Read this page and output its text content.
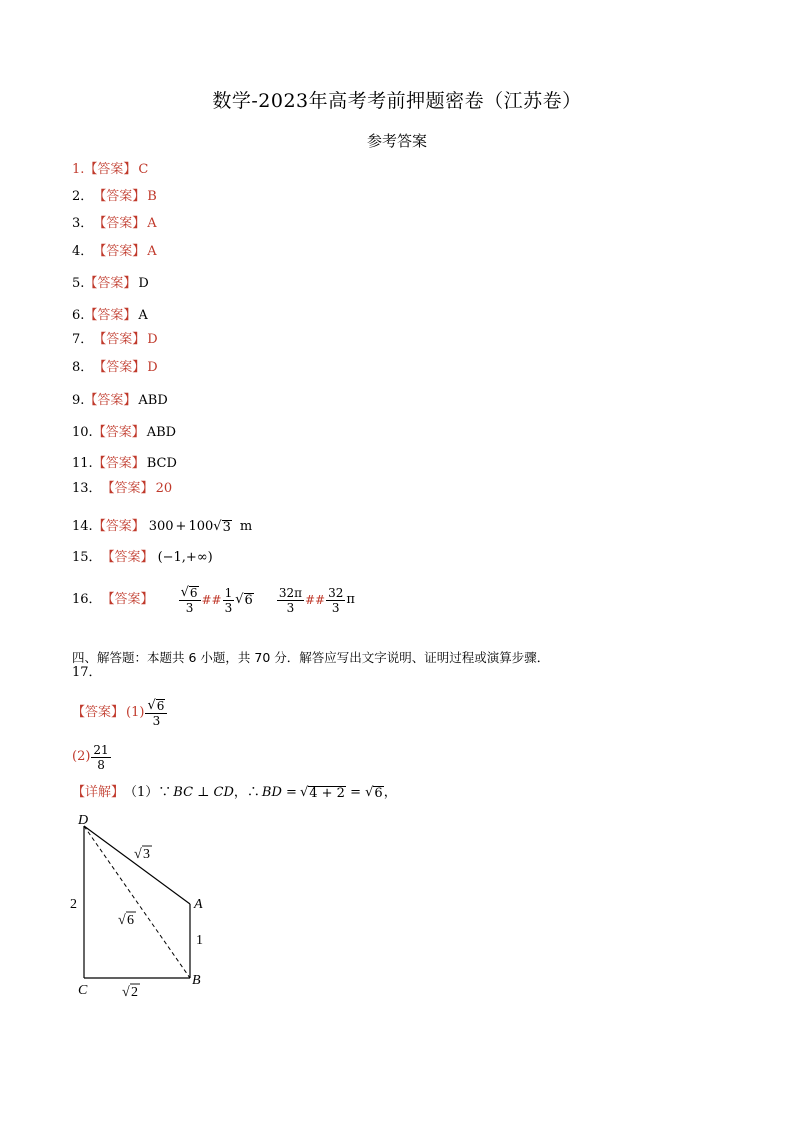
数学-2023年高考考前押题密卷（江苏卷）
参考答案
1. 【答案】 C
2． 【答案】 B
3． 【答案】 A
4． 【答案】 A
5. 【答案】 D
6. 【答案】 A
7． 【答案】 D
8． 【答案】 D
9. 【答案】 ABD
10. 【答案】 ABD
11. 【答案】 BCD
13． 【答案】 20
14. 【答案】 300 + 100 √ 3 m
15． 【答案】 (−1,+∞)
16． 【答案】 $\frac{√ 6}{3}$ ## $\frac{1}{3}$ √ $6 \frac{32\pi}{3}$ ## $\frac{32}{3}$ π
四、解答题：本题共 6 小题，共 70 分．解答应写出文字说明、证明过程或演算步骤．
17．
【答案】 $(1) \frac{√ 6}{3}$
$(2) \frac{21}{8}$
【详解】 （1）∵ BC ⊥ CD ，∴ BD = √ 4 + 2 = √ 6 ，
D
A
B
C
2
1
√ 3
√ 6
√ 2
